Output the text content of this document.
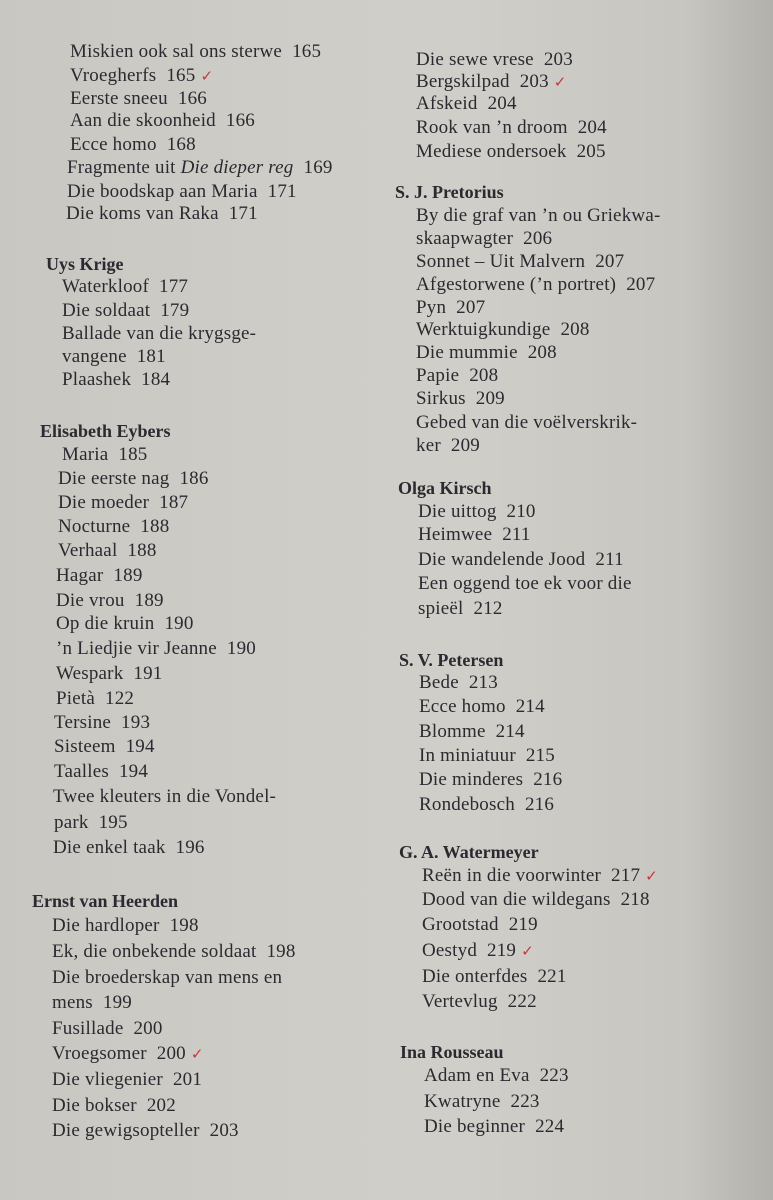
Miskien ook sal ons sterwe 165
Vroegherfs 165 ✓
Eerste sneeu 166
Aan die skoonheid 166
Ecce homo 168
Fragmente uit Die dieper reg 169
Die boodskap aan Maria 171
Die koms van Raka 171
Uys Krige
Waterkloof 177
Die soldaat 179
Ballade van die krygsge-
vangene 181
Plaashek 184
Elisabeth Eybers
Maria 185
Die eerste nag 186
Die moeder 187
Nocturne 188
Verhaal 188
Hagar 189
Die vrou 189
Op die kruin 190
’n Liedjie vir Jeanne 190
Wespark 191
Pietà 122
Tersine 193
Sisteem 194
Taalles 194
Twee kleuters in die Vondel-
park 195
Die enkel taak 196
Ernst van Heerden
Die hardloper 198
Ek, die onbekende soldaat 198
Die broederskap van mens en
mens 199
Fusillade 200
Vroegsomer 200 ✓
Die vliegenier 201
Die bokser 202
Die gewigsopteller 203
Die sewe vrese 203
Bergskilpad 203 ✓
Afskeid 204
Rook van ’n droom 204
Mediese ondersoek 205
S. J. Pretorius
By die graf van ’n ou Griekwa-
skaapwagter 206
Sonnet – Uit Malvern 207
Afgestorwene (’n portret) 207
Pyn 207
Werktuigkundige 208
Die mummie 208
Papie 208
Sirkus 209
Gebed van die voëlverskrik-
ker 209
Olga Kirsch
Die uittog 210
Heimwee 211
Die wandelende Jood 211
Een oggend toe ek voor die
spieël 212
S. V. Petersen
Bede 213
Ecce homo 214
Blomme 214
In miniatuur 215
Die minderes 216
Rondebosch 216
G. A. Watermeyer
Reën in die voorwinter 217 ✓
Dood van die wildegans 218
Grootstad 219
Oestyd 219 ✓
Die onterfdes 221
Vertevlug 222
Ina Rousseau
Adam en Eva 223
Kwatryne 223
Die beginner 224
